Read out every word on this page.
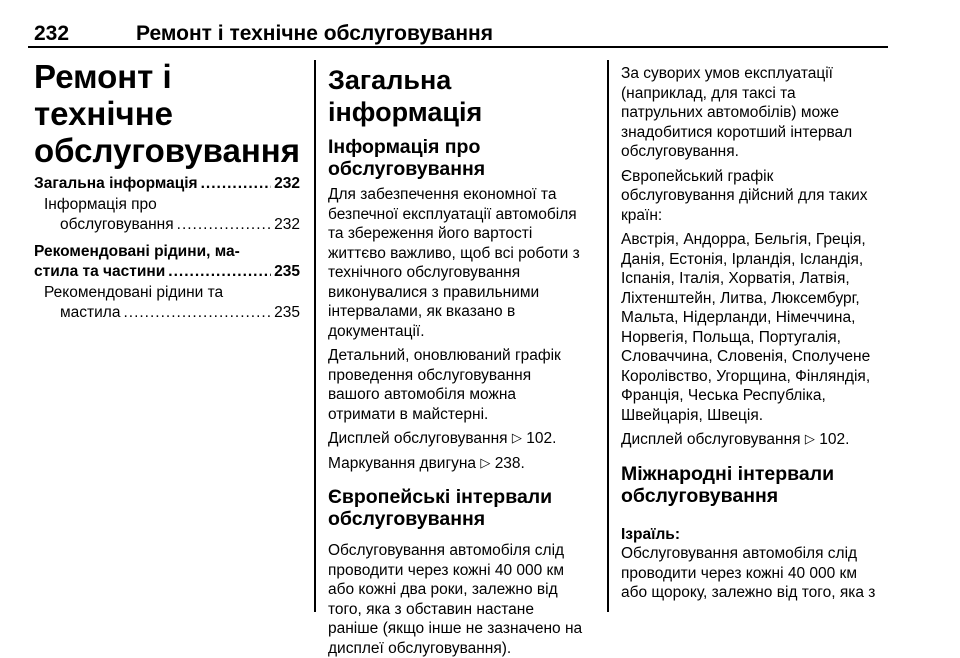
232	Ремонт і технічне обслуговування
Ремонт і технічне
обслуговування
Загальна інформація .....	232
Інформація про
обслуговування .....	232
Рекомендовані рідини, ма-
стила та частини .....	235
Рекомендовані рідини та
мастила .....	235
Загальна інформація
Інформація про
обслуговування
Для забезпечення економної та
безпечної експлуатації автомобіля
та збереження його вартості
життєво важливо, щоб всі роботи з
технічного обслуговування
виконувалися з правильними
інтервалами, як вказано в
документації.
Детальний, оновлюваний графік
проведення обслуговування
вашого автомобіля можна
отримати в майстерні.
Дисплей обслуговування ▷ 102.
Маркування двигуна ▷ 238.
Європейські інтервали
обслуговування
Обслуговування автомобіля слід
проводити через кожні 40 000 км
або кожні два роки, залежно від
того, яка з обставин настане
раніше (якщо інше не зазначено на
дисплеї обслуговування).
За суворих умов експлуатації
(наприклад, для таксі та
патрульних автомобілів) може
знадобитися коротший інтервал
обслуговування.
Європейський графік
обслуговування дійсний для таких
країн:
Австрія, Андорра, Бельгія, Греція,
Данія, Естонія, Ірландія, Ісландія,
Іспанія, Італія, Хорватія, Латвія,
Ліхтенштейн, Литва, Люксембург,
Мальта, Нідерланди, Німеччина,
Норвегія, Польща, Португалія,
Словаччина, Словенія, Сполучене
Королівство, Угорщина, Фінляндія,
Франція, Чеська Республіка,
Швейцарія, Швеція.
Дисплей обслуговування ▷ 102.
Міжнародні інтервали
обслуговування
Ізраїль:
Обслуговування автомобіля слід
проводити через кожні 40 000 км
або щороку, залежно від того, яка з
